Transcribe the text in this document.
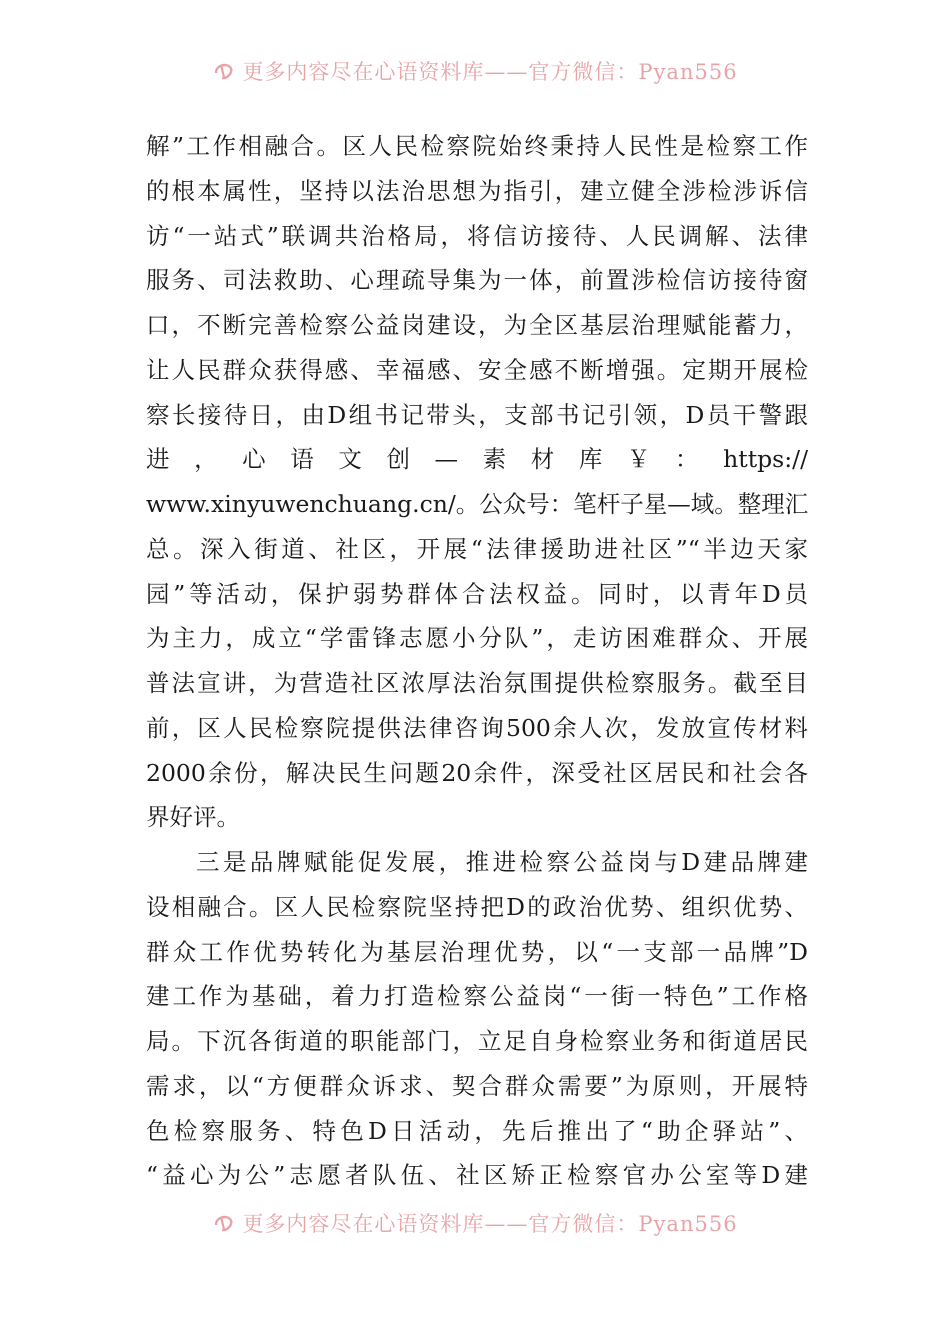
更多内容尽在心语资料库——官方微信：Pyan556
解”工作相融合。区人民检察院始终秉持人民性是检察工作
的根本属性，坚持以法治思想为指引，建立健全涉检涉诉信
访“一站式”联调共治格局，将信访接待、人民调解、法律
服务、司法救助、心理疏导集为一体，前置涉检信访接待窗
口，不断完善检察公益岗建设，为全区基层治理赋能蓄力，
让人民群众获得感、幸福感、安全感不断增强。定期开展检
察长接待日，由D组书记带头，支部书记引领，D员干警跟
进，心语文创—素材库￥：https://
www.xinyuwenchuang.cn/。公众号：笔杆子星—域。整理汇
总。深入街道、社区，开展“法律援助进社区”“半边天家
园”等活动，保护弱势群体合法权益。同时，以青年D员
为主力，成立“学雷锋志愿小分队”，走访困难群众、开展
普法宣讲，为营造社区浓厚法治氛围提供检察服务。截至目
前，区人民检察院提供法律咨询500余人次，发放宣传材料
2000余份，解决民生问题20余件，深受社区居民和社会各
界好评。
三是品牌赋能促发展，推进检察公益岗与D建品牌建
设相融合。区人民检察院坚持把D的政治优势、组织优势、
群众工作优势转化为基层治理优势，以“一支部一品牌”D
建工作为基础，着力打造检察公益岗“一街一特色”工作格
局。下沉各街道的职能部门，立足自身检察业务和街道居民
需求，以“方便群众诉求、契合群众需要”为原则，开展特
色检察服务、特色D日活动，先后推出了“助企驿站”、
“益心为公”志愿者队伍、社区矫正检察官办公室等D建
更多内容尽在心语资料库——官方微信：Pyan556
